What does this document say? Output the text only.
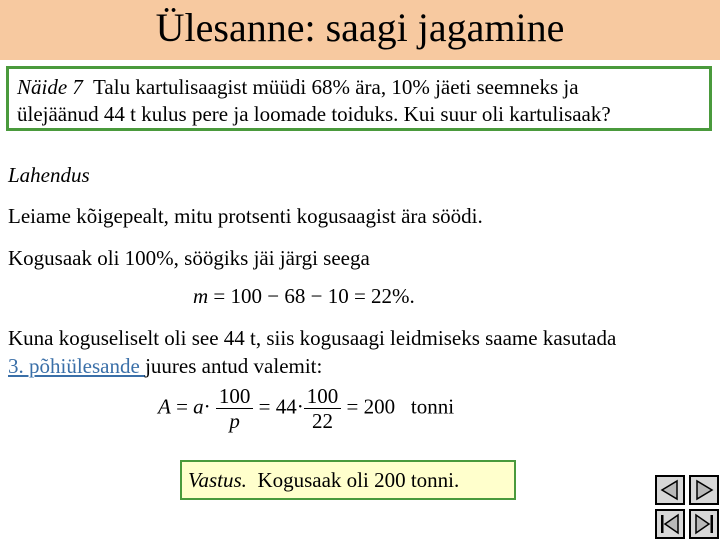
Ülesanne: saagi jagamine
Näide 7 Talu kartulisaagist müüdi 68% ära, 10% jäeti seemneks ja
ülejäänud 44 t kulus pere ja loomade toiduks. Kui suur oli kartulisaak?
Lahendus
Leiame kõigepealt, mitu protsenti kogusaagist ära söödi.
Kogusaak oli 100%, söögiks jäi järgi seega
m = 100 − 68 − 10 = 22%.
Kuna koguseliselt oli see 44 t, siis kogusaagi leidmiseks saame kasutada
3. põhiülesande juures antud valemit:
$A = a\cdot \frac{100}{p} = 44\cdot \frac{100}{22} = 200$ tonni
Vastus. Kogusaak oli 200 tonni.
